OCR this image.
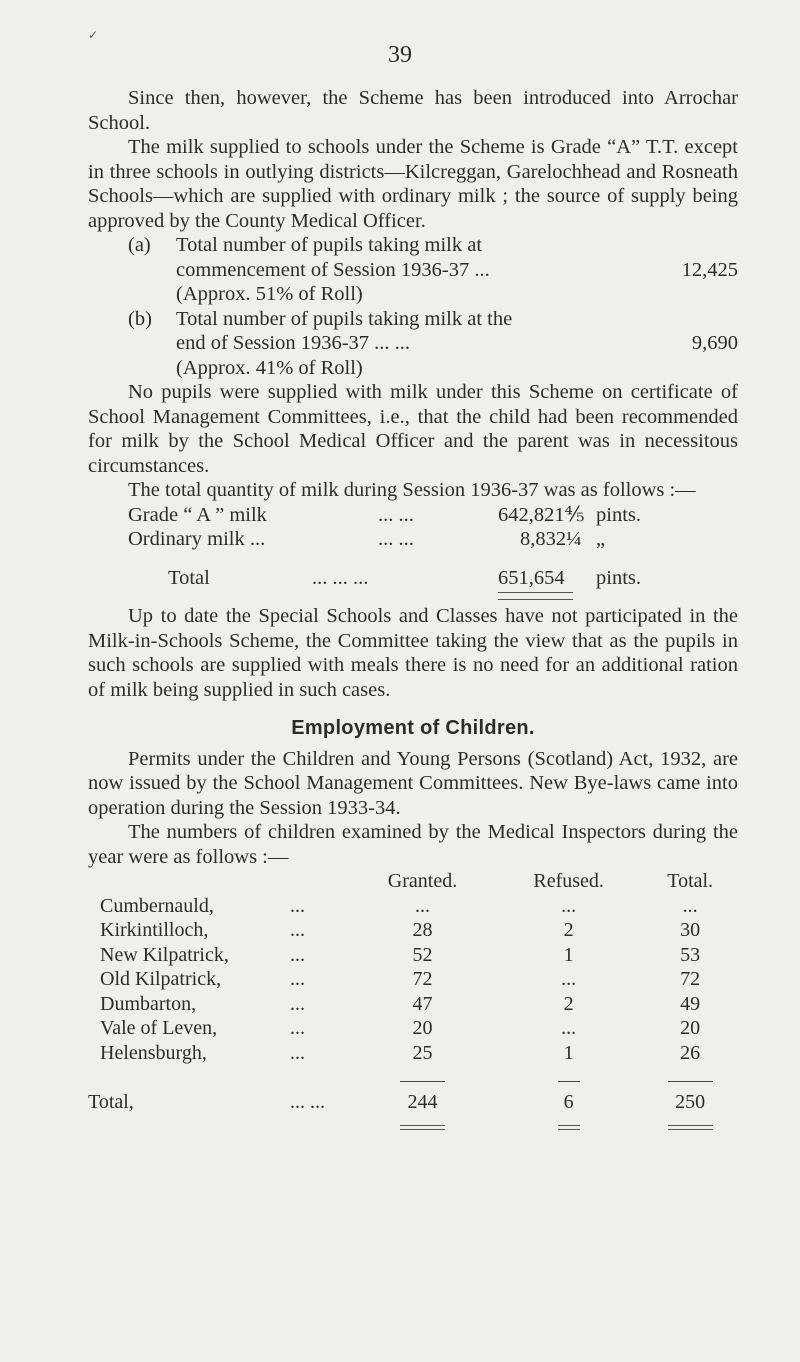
✓
39

Since then, however, the Scheme has been introduced into Arrochar School.

The milk supplied to schools under the Scheme is Grade “A” T.T. except in three schools in outlying districts—Kilcreggan, Garelochhead and Rosneath Schools—which are supplied with ordinary milk ; the source of supply being approved by the County Medical Officer.

(a)	Total number of pupils taking milk at
commencement of Session 1936-37 ...	12,425
(Approx. 51% of Roll)
(b)	Total number of pupils taking milk at the
end of Session 1936-37 ... ...	9,690
(Approx. 41% of Roll)

No pupils were supplied with milk under this Scheme on certificate of School Management Committees, i.e., that the child had been recommended for milk by the School Medical Officer and the parent was in necessitous circumstances.

The total quantity of milk during Session 1936-37 was as follows :—

Grade “ A ” milk	... ...	642,821⅘ pints.
Ordinary milk ...	... ...	8,832¼ „
Total	... ... ...	651,654 pints.

Up to date the Special Schools and Classes have not participated in the Milk-in-Schools Scheme, the Committee taking the view that as the pupils in such schools are supplied with meals there is no need for an additional ration of milk being supplied in such cases.

Employment of Children.

Permits under the Children and Young Persons (Scotland) Act, 1932, are now issued by the School Management Committees. New Bye-laws came into operation during the Session 1933-34.

The numbers of children examined by the Medical Inspectors during the year were as follows :—

		Granted.	Refused.	Total.
Cumbernauld,	...	...	...	...
Kirkintilloch,	...	28	2	30
New Kilpatrick,	...	52	1	53
Old Kilpatrick,	...	72	...	72
Dumbarton,	...	47	2	49
Vale of Leven,	...	20	...	20
Helensburgh,	...	25	1	26

Total,	... ...	244	6	250
